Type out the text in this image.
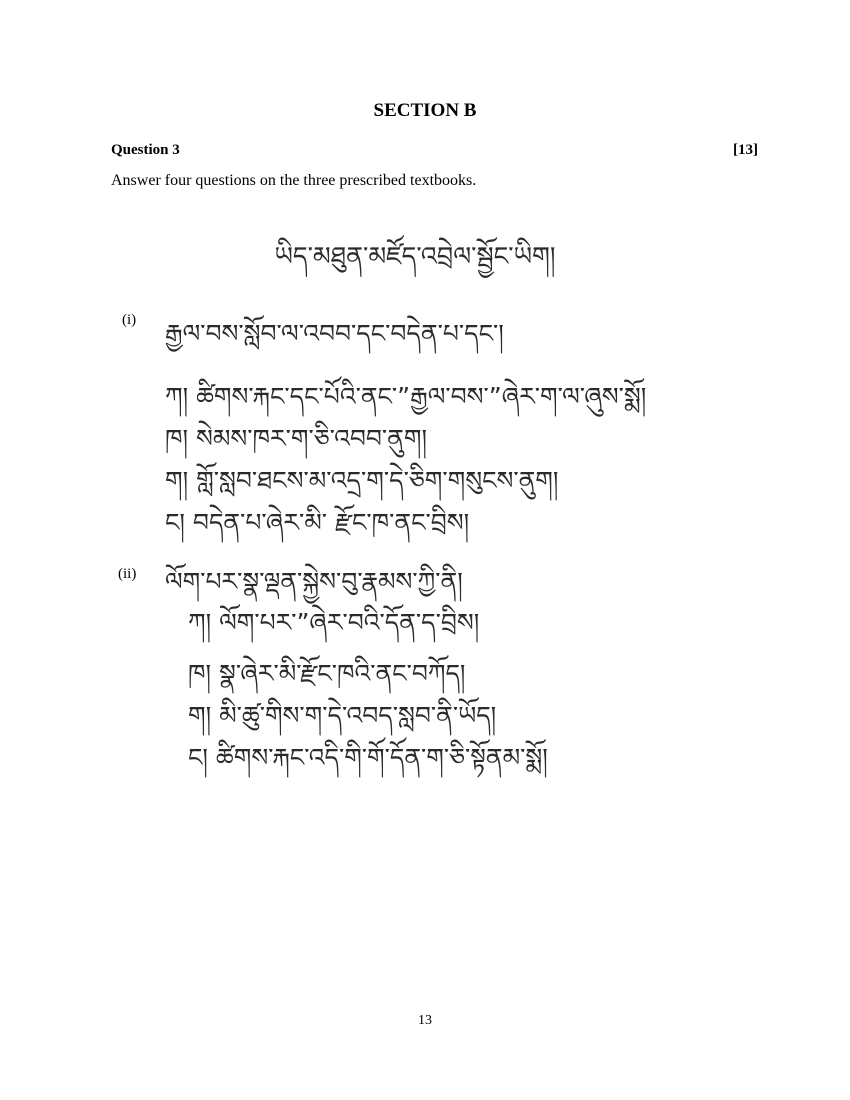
SECTION B
Question 3	[13]
Answer four questions on the three prescribed textbooks.
ཡིད་མཐུན་མཛོད་འབྲེལ་སྦྱོང་ཡིག།
(i) རྒྱལ་བས་སློབ་ལ་འབབ་དང་བདེན་པ་དང་།
ཀ། ཚིགས་རྐང་དང་པོའི་ནང་”རྒྱལ་བས་”ཞེར་ག་ལ་ཞུས་སྨོ།
ཁ། སེམས་ཁར་ག་ཅི་འབབ་ནུག།
ག། གློ་སླབ་ཐངས་མ་འདྲ་ག་དེ་ཅིག་གསུངས་ནུག།
ང། བདེན་པ་ཞེར་མི་ རྫོང་ཁ་ནང་བྲིས།
(ii) ལོག་པར་སྣ་ལྡན་སྐྱེས་བུ་རྣམས་ཀྱི་ནི།
ཀ། ལོག་པར་”ཞེར་བའི་དོན་ད་བྲིས།
ཁ། སྣ་ཞེར་མི་རྫོང་ཁའི་ནང་བཀོད།
ག། མི་ཚུ་གིས་ག་དེ་འབད་སླབ་ནི་ཡོད།
ང། ཚིགས་རྐང་འདི་གི་གོ་དོན་ག་ཅི་སྟོནམ་སྨོ།
13
